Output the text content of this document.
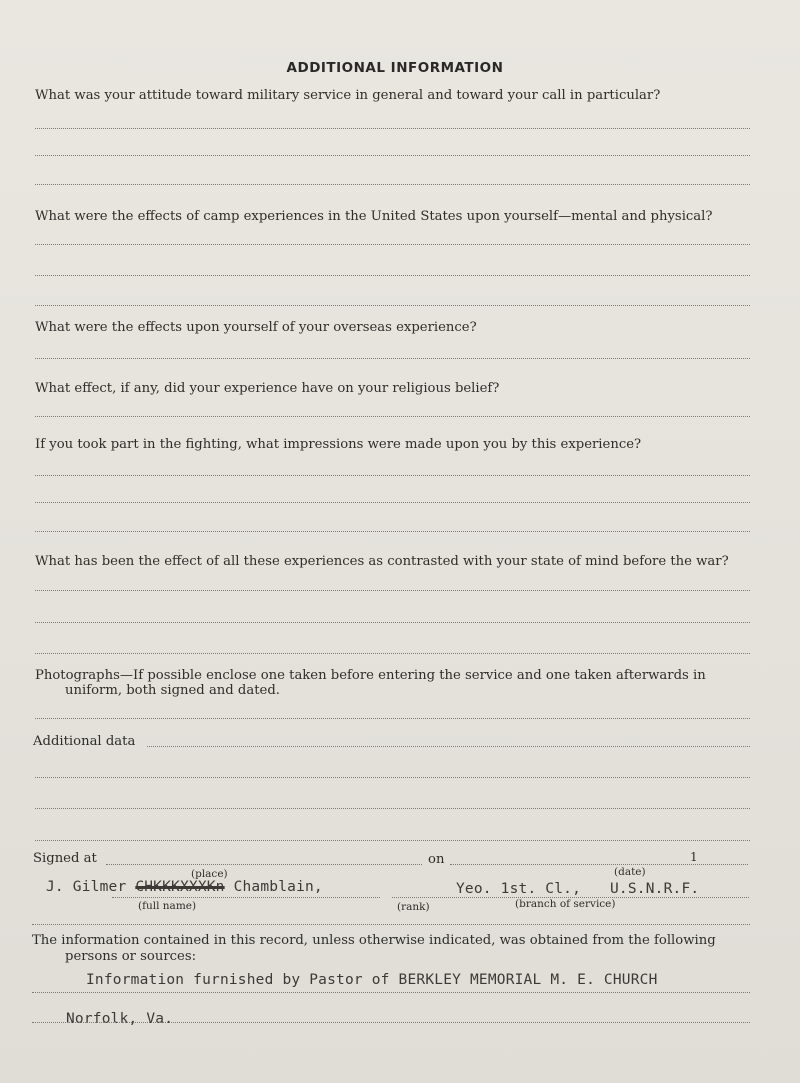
ADDITIONAL INFORMATION
What was your attitude toward military service in general and toward your call in particular?
What were the effects of camp experiences in the United States upon yourself—mental and physical?
What were the effects upon yourself of your overseas experience?
What effect, if any, did your experience have on your religious belief?
If you took part in the fighting, what impressions were made upon you by this experience?
What has been the effect of all these experiences as contrasted with your state of mind before the war?
Photographs—If possible enclose one taken before entering the service and one taken afterwards in
uniform, both signed and dated.
Additional data
Signed at	on	1
(place)	(date)
J. Gilmer CHKKKXXXKn Chamblain,	Yeo. 1st. Cl., U.S.N.R.F.
(full name)	(rank)	(branch of service)
The information contained in this record, unless otherwise indicated, was obtained from the following
persons or sources:
Information furnished by Pastor of BERKLEY MEMORIAL M. E. CHURCH
Norfolk, Va.
